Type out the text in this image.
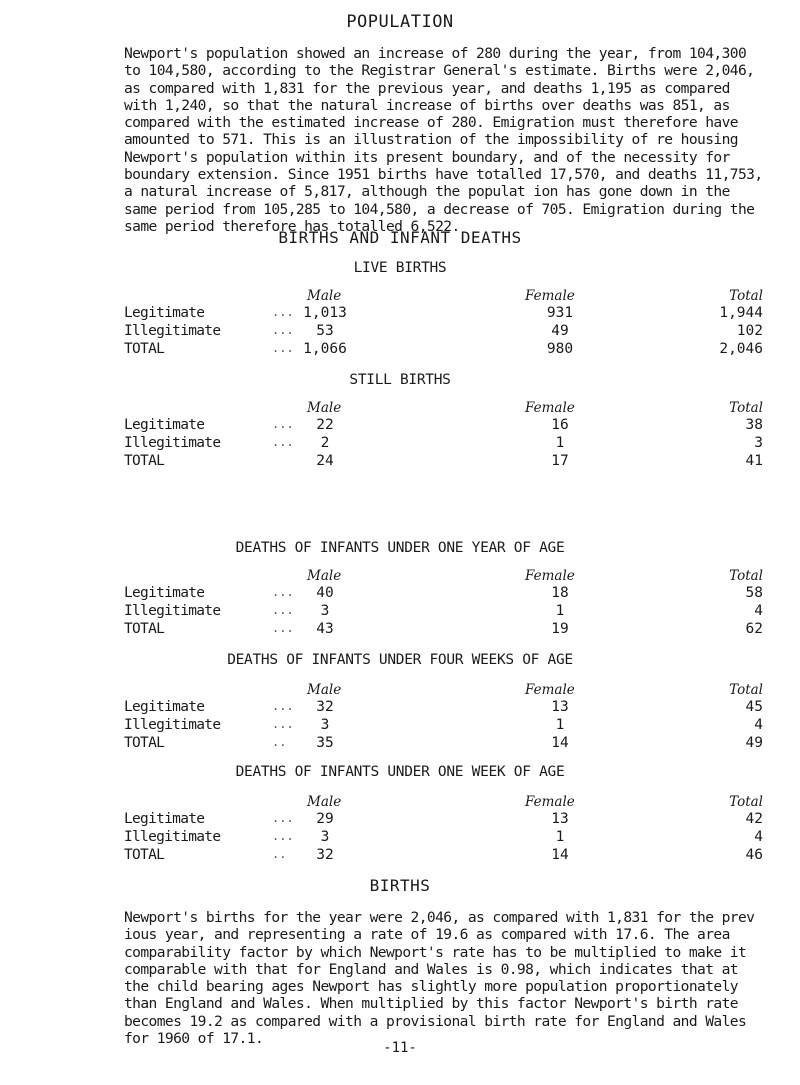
POPULATION

Newport's population showed an increase of 280 during the year, from 104,300 to 104,580, according to the Registrar General's estimate. Births were 2,046, as compared with 1,831 for the previous year, and deaths 1,195 as compared with 1,240, so that the natural increase of births over deaths was 851, as compared with the estimated increase of 280. Emigration must therefore have amounted to 571. This is an illustration of the impossibility of re housing Newport's population within its present boundary, and of the necessity for boundary extension. Since 1951 births have totalled 17,570, and deaths 11,753, a natural increase of 5,817, although the populat ion has gone down in the same period from 105,285 to 104,580, a decrease of 705. Emigration during the same period therefore has totalled 6,522.

BIRTHS AND INFANT DEATHS
LIVE BIRTHS
Male	Female	Total
Legitimate	... 1,013	931	1,944
Illegitimate	...	53	49	102
TOTAL	... 1,066	980	2,046
STILL BIRTHS
Male	Female	Total
Legitimate	...	22	16	38
Illegitimate	...	2	1	3
TOTAL	24	17	41
DEATHS OF INFANTS UNDER ONE YEAR OF AGE
Male	Female	Total
Legitimate	...	40	18	58
Illegitimate	...	3	1	4
TOTAL	...	43	19	62
DEATHS OF INFANTS UNDER FOUR WEEKS OF AGE
Male	Female	Total
Legitimate	...	32	13	45
Illegitimate	...	3	1	4
TOTAL	..	35	14	49
DEATHS OF INFANTS UNDER ONE WEEK OF AGE
Male	Female	Total
Legitimate	...	29	13	42
Illegitimate	...	3	1	4
TOTAL	..	32	14	46
BIRTHS

Newport's births for the year were 2,046, as compared with 1,831 for the prev ious year, and representing a rate of 19.6 as compared with 17.6. The area comparability factor by which Newport's rate has to be multiplied to make it comparable with that for England and Wales is 0.98, which indicates that at the child bearing ages Newport has slightly more population proportionately than England and Wales. When multiplied by this factor Newport's birth rate becomes 19.2 as compared with a provisional birth rate for England and Wales for 1960 of 17.1.

-11-
